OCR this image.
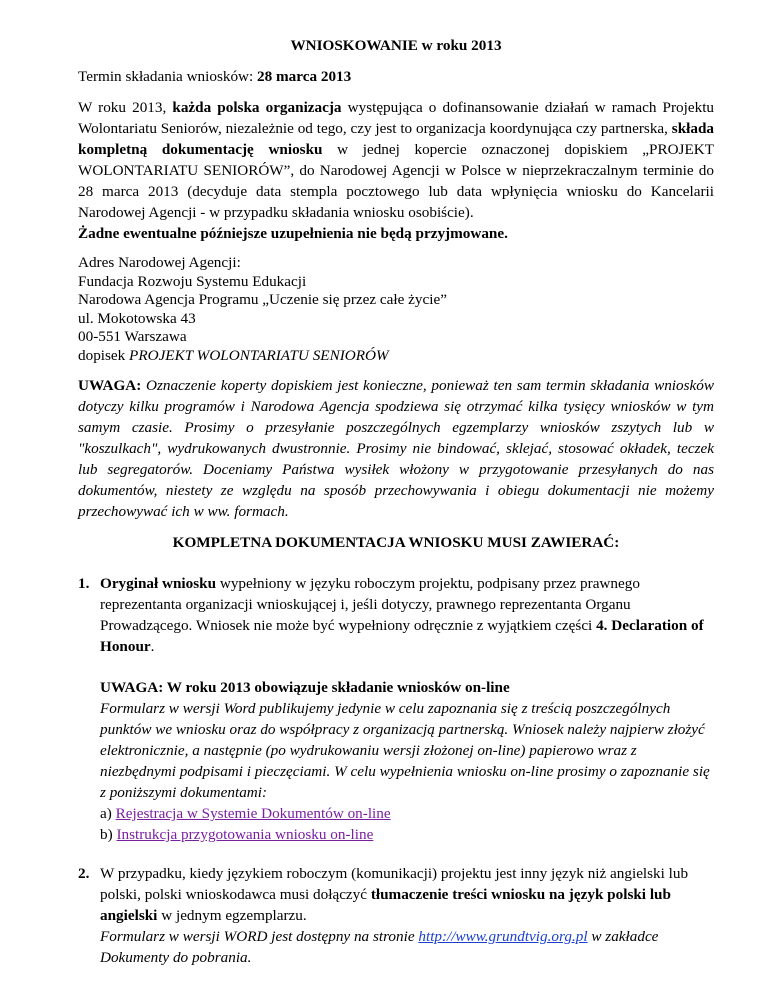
WNIOSKOWANIE w roku 2013

Termin składania wniosków: 28 marca 2013

W roku 2013, każda polska organizacja występująca o dofinansowanie działań w ramach Projektu Wolontariatu Seniorów, niezależnie od tego, czy jest to organizacja koordynująca czy partnerska, składa kompletną dokumentację wniosku w jednej kopercie oznaczonej dopiskiem „PROJEKT WOLONTARIATU SENIORÓW”, do Narodowej Agencji w Polsce w nieprzekraczalnym terminie do 28 marca 2013 (decyduje data stempla pocztowego lub data wpłynięcia wniosku do Kancelarii Narodowej Agencji - w przypadku składania wniosku osobiście).

Żadne ewentualne późniejsze uzupełnienia nie będą przyjmowane.

Adres Narodowej Agencji:
Fundacja Rozwoju Systemu Edukacji
Narodowa Agencja Programu „Uczenie się przez całe życie”
ul. Mokotowska 43
00-551 Warszawa
dopisek PROJEKT WOLONTARIATU SENIORÓW

UWAGA: Oznaczenie koperty dopiskiem jest konieczne, ponieważ ten sam termin składania wniosków dotyczy kilku programów i Narodowa Agencja spodziewa się otrzymać kilka tysięcy wniosków w tym samym czasie. Prosimy o przesyłanie poszczególnych egzemplarzy wniosków zszytych lub w "koszulkach", wydrukowanych dwustronnie. Prosimy nie bindować, sklejać, stosować okładek, teczek lub segregatorów. Doceniamy Państwa wysiłek włożony w przygotowanie przesyłanych do nas dokumentów, niestety ze względu na sposób przechowywania i obiegu dokumentacji nie możemy przechowywać ich w ww. formach.

KOMPLETNA DOKUMENTACJA WNIOSKU MUSI ZAWIERAĆ:

1. Oryginał wniosku wypełniony w języku roboczym projektu, podpisany przez prawnego reprezentanta organizacji wnioskującej i, jeśli dotyczy, prawnego reprezentanta Organu Prowadzącego. Wniosek nie może być wypełniony odręcznie z wyjątkiem części 4. Declaration of Honour.
UWAGA: W roku 2013 obowiązuje składanie wniosków on-line
Formularz w wersji Word publikujemy jedynie w celu zapoznania się z treścią poszczególnych punktów we wniosku oraz do współpracy z organizacją partnerską. Wniosek należy najpierw złożyć elektronicznie, a następnie (po wydrukowaniu wersji złożonej on-line) papierowo wraz z niezbędnymi podpisami i pieczęciami. W celu wypełnienia wniosku on-line prosimy o zapoznanie się z poniższymi dokumentami:
a) Rejestracja w Systemie Dokumentów on-line
b) Instrukcja przygotowania wniosku on-line
2. W przypadku, kiedy językiem roboczym (komunikacji) projektu jest inny język niż angielski lub polski, polski wnioskodawca musi dołączyć tłumaczenie treści wniosku na język polski lub angielski w jednym egzemplarzu.
Formularz w wersji WORD jest dostępny na stronie http://www.grundtvig.org.pl w zakładce Dokumenty do pobrania.
